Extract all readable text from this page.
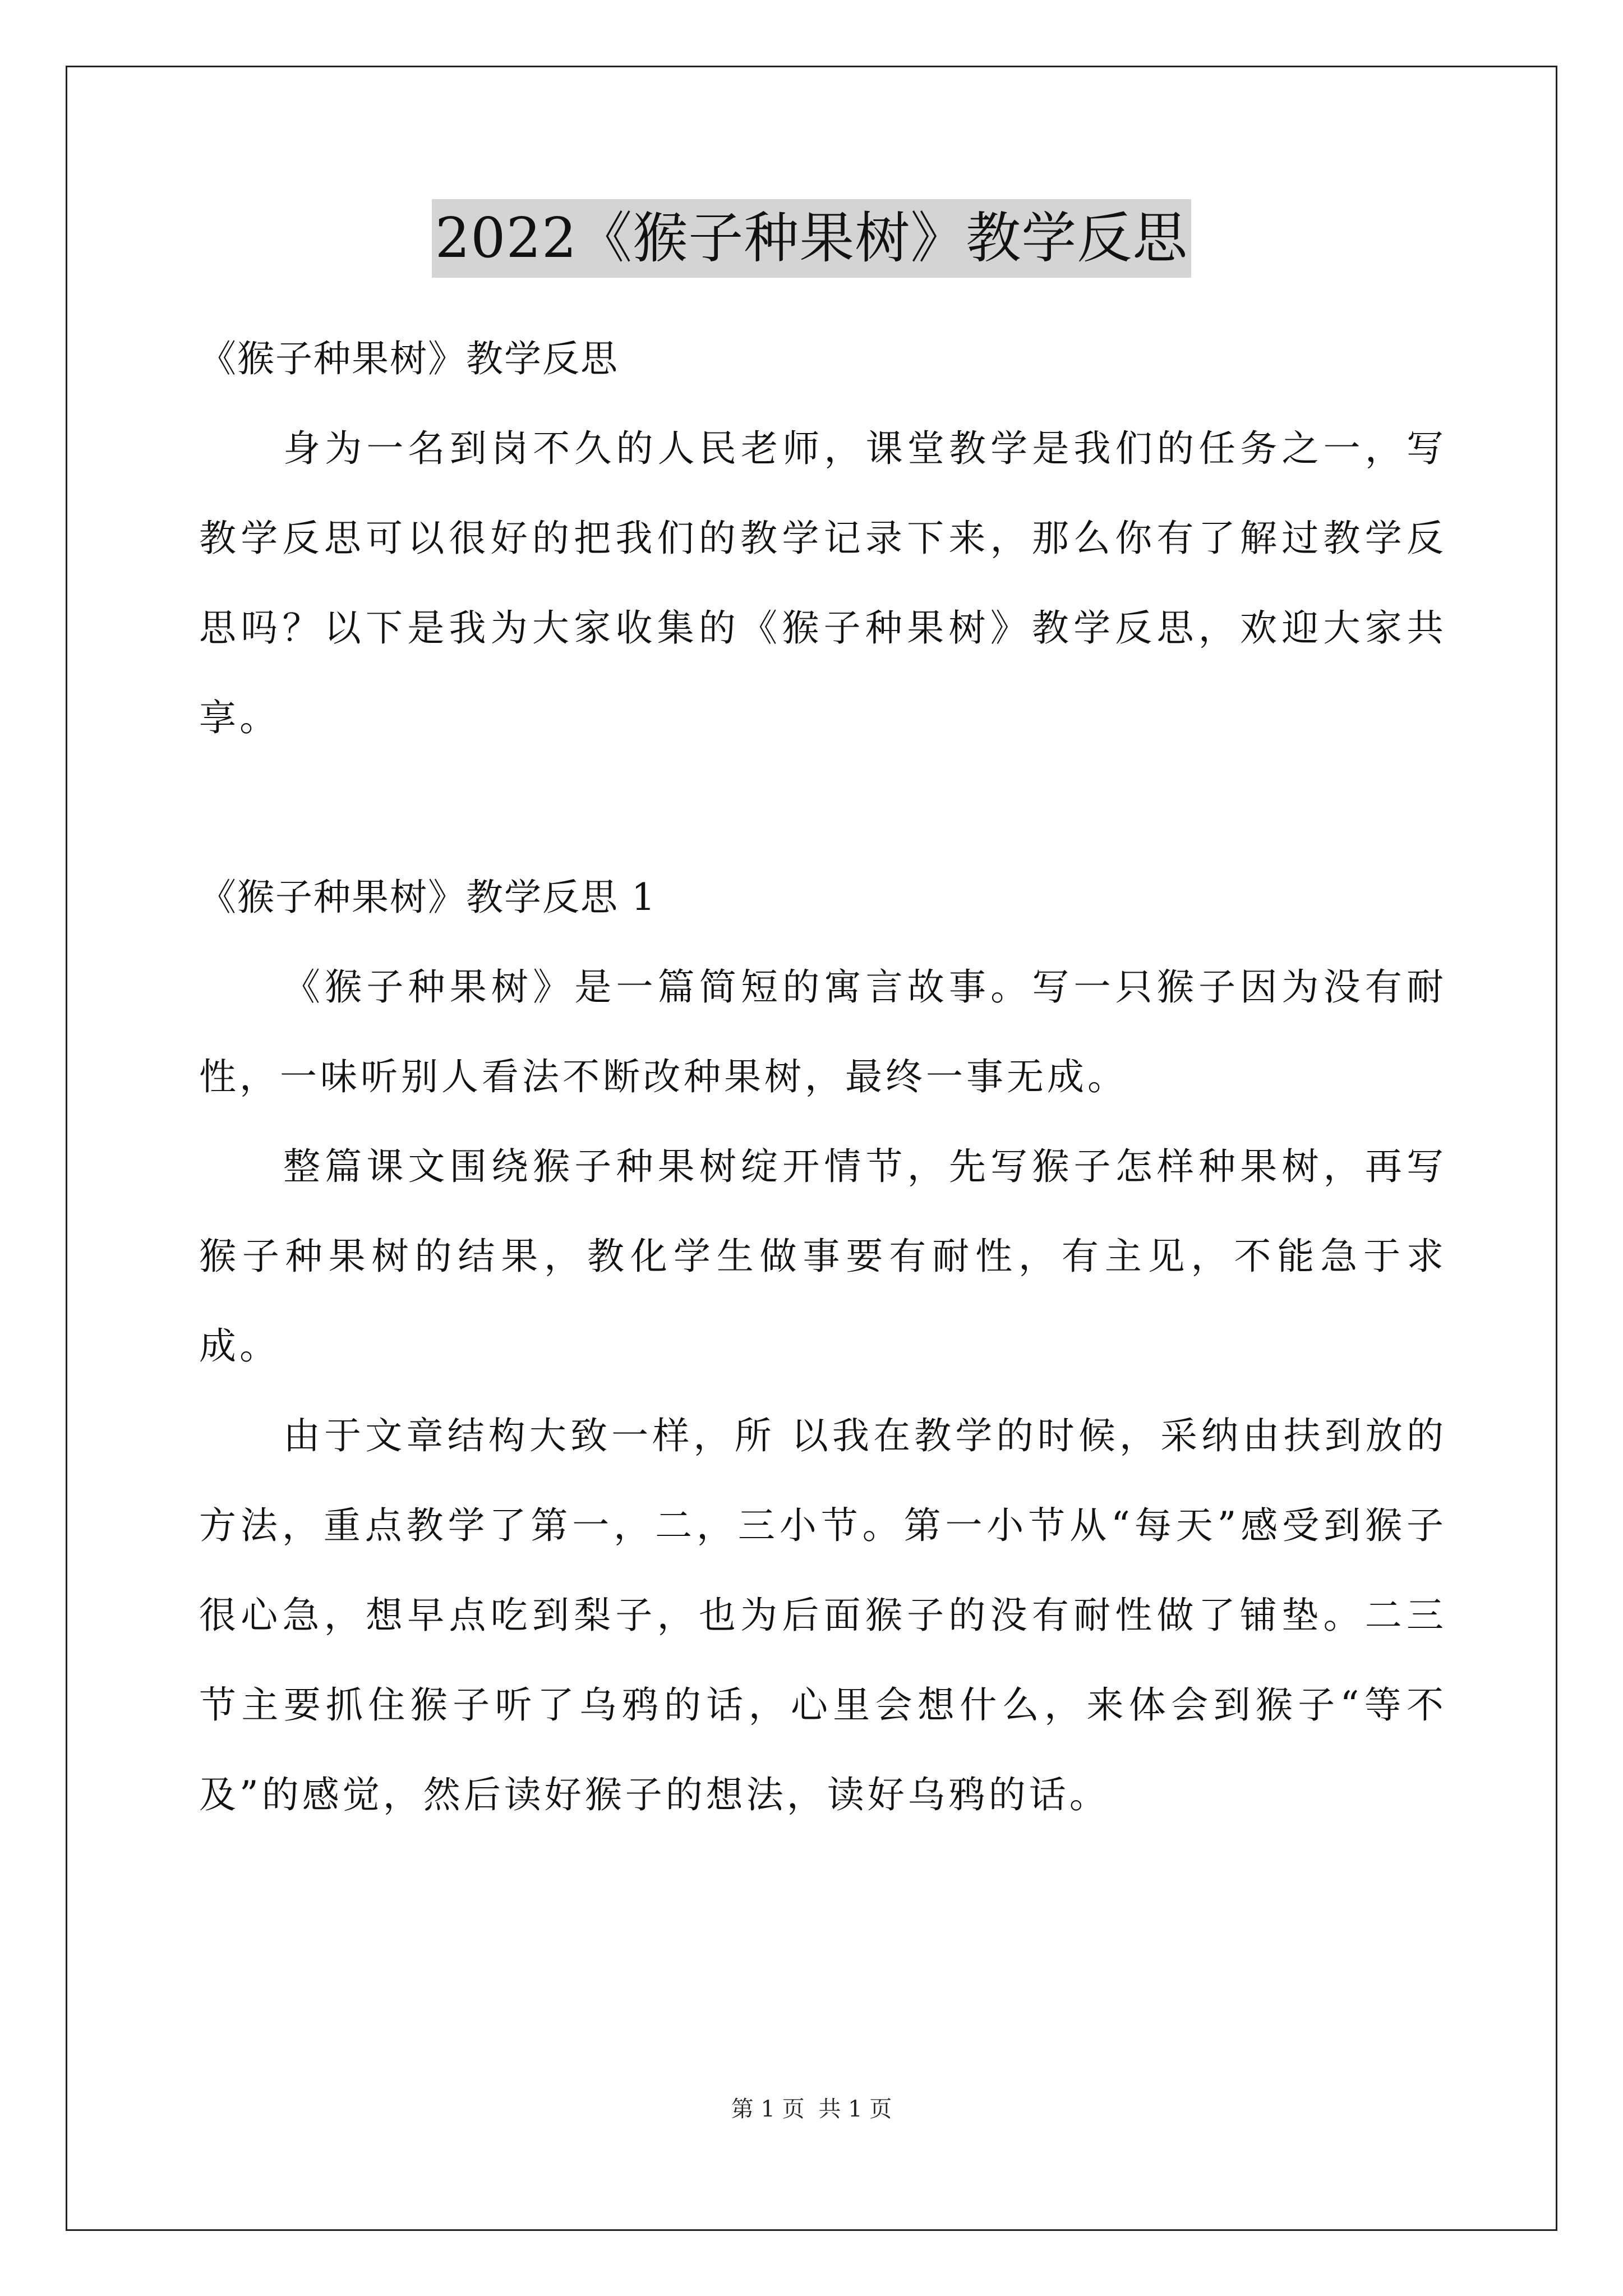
2022《猴子种果树》教学反思

《猴子种果树》教学反思

身为一名到岗不久的人民老师，课堂教学是我们的任务之一，写教学反思可以很好的把我们的教学记录下来，那么你有了解过教学反思吗？以下是我为大家收集的《猴子种果树》教学反思，欢迎大家共享。

《猴子种果树》教学反思 1

《猴子种果树》是一篇简短的寓言故事。写一只猴子因为没有耐性，一味听别人看法不断改种果树，最终一事无成。

整篇课文围绕猴子种果树绽开情节，先写猴子怎样种果树，再写猴子种果树的结果，教化学生做事要有耐性，有主见，不能急于求成。

由于文章结构大致一样，所 以我在教学的时候，采纳由扶到放的方法，重点教学了第一，二，三小节。第一小节从“每天”感受到猴子很心急，想早点吃到梨子，也为后面猴子的没有耐性做了铺垫。二三节主要抓住猴子听了乌鸦的话，心里会想什么，来体会到猴子“等不及”的感觉，然后读好猴子的想法，读好乌鸦的话。

第 1 页 共 1 页
